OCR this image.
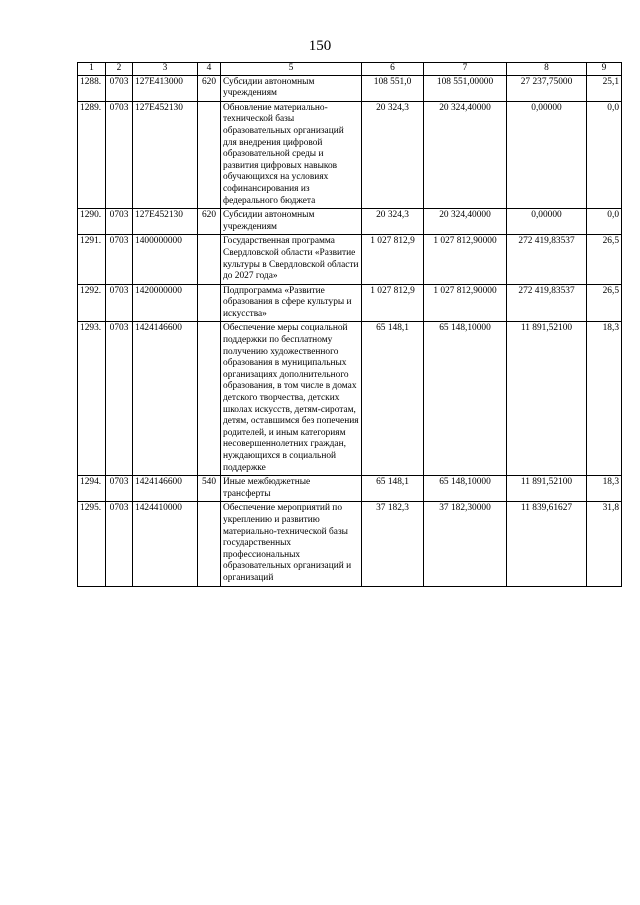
150
1	2	3	4	5	6	7	8	9
1288.	0703	127E413000	620	Субсидии автономным учреждениям	108 551,0	108 551,00000	27 237,75000	25,1
1289.	0703	127E452130		Обновление материально-технической базы образовательных организаций для внедрения цифровой образовательной среды и развития цифровых навыков обучающихся на условиях софинансирования из федерального бюджета	20 324,3	20 324,40000	0,00000	0,0
1290.	0703	127E452130	620	Субсидии автономным учреждениям	20 324,3	20 324,40000	0,00000	0,0
1291.	0703	1400000000		Государственная программа Свердловской области «Развитие культуры в Свердловской области до 2027 года»	1 027 812,9	1 027 812,90000	272 419,83537	26,5
1292.	0703	1420000000		Подпрограмма «Развитие образования в сфере культуры и искусства»	1 027 812,9	1 027 812,90000	272 419,83537	26,5
1293.	0703	1424146600		Обеспечение меры социальной поддержки по бесплатному получению художественного образования в муниципальных организациях дополнительного образования, в том числе в домах детского творчества, детских школах искусств, детям-сиротам, детям, оставшимся без попечения родителей, и иным категориям несовершеннолетних граждан, нуждающихся в социальной поддержке	65 148,1	65 148,10000	11 891,52100	18,3
1294.	0703	1424146600	540	Иные межбюджетные трансферты	65 148,1	65 148,10000	11 891,52100	18,3
1295.	0703	1424410000		Обеспечение мероприятий по укреплению и развитию материально-технической базы государственных профессиональных образовательных организаций и организаций	37 182,3	37 182,30000	11 839,61627	31,8
